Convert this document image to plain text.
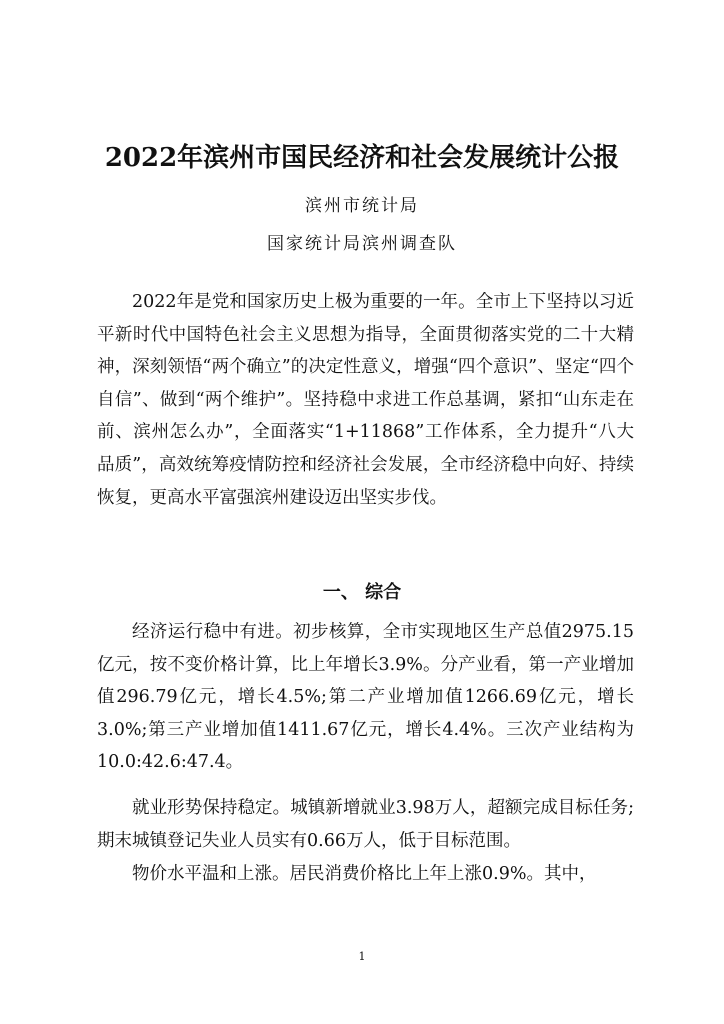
2022年滨州市国民经济和社会发展统计公报

滨州市统计局

国家统计局滨州调查队

2022年是党和国家历史上极为重要的一年。全市上下坚持以习近平新时代中国特色社会主义思想为指导，全面贯彻落实党的二十大精神，深刻领悟“两个确立”的决定性意义，增强“四个意识”、坚定“四个自信”、做到“两个维护”。坚持稳中求进工作总基调，紧扣“山东走在前、滨州怎么办”，全面落实“1+11868”工作体系，全力提升“八大品质”，高效统筹疫情防控和经济社会发展，全市经济稳中向好、持续恢复，更高水平富强滨州建设迈出坚实步伐。

一、 综合

经济运行稳中有进。初步核算，全市实现地区生产总值2975.15亿元，按不变价格计算，比上年增长3.9%。分产业看，第一产业增加值296.79亿元，增长4.5%;第二产业增加值1266.69亿元，增长3.0%;第三产业增加值1411.67亿元，增长4.4%。三次产业结构为10.0:42.6:47.4。

就业形势保持稳定。城镇新增就业3.98万人，超额完成目标任务; 期末城镇登记失业人员实有0.66万人，低于目标范围。

物价水平温和上涨。居民消费价格比上年上涨0.9%。其中，

1
